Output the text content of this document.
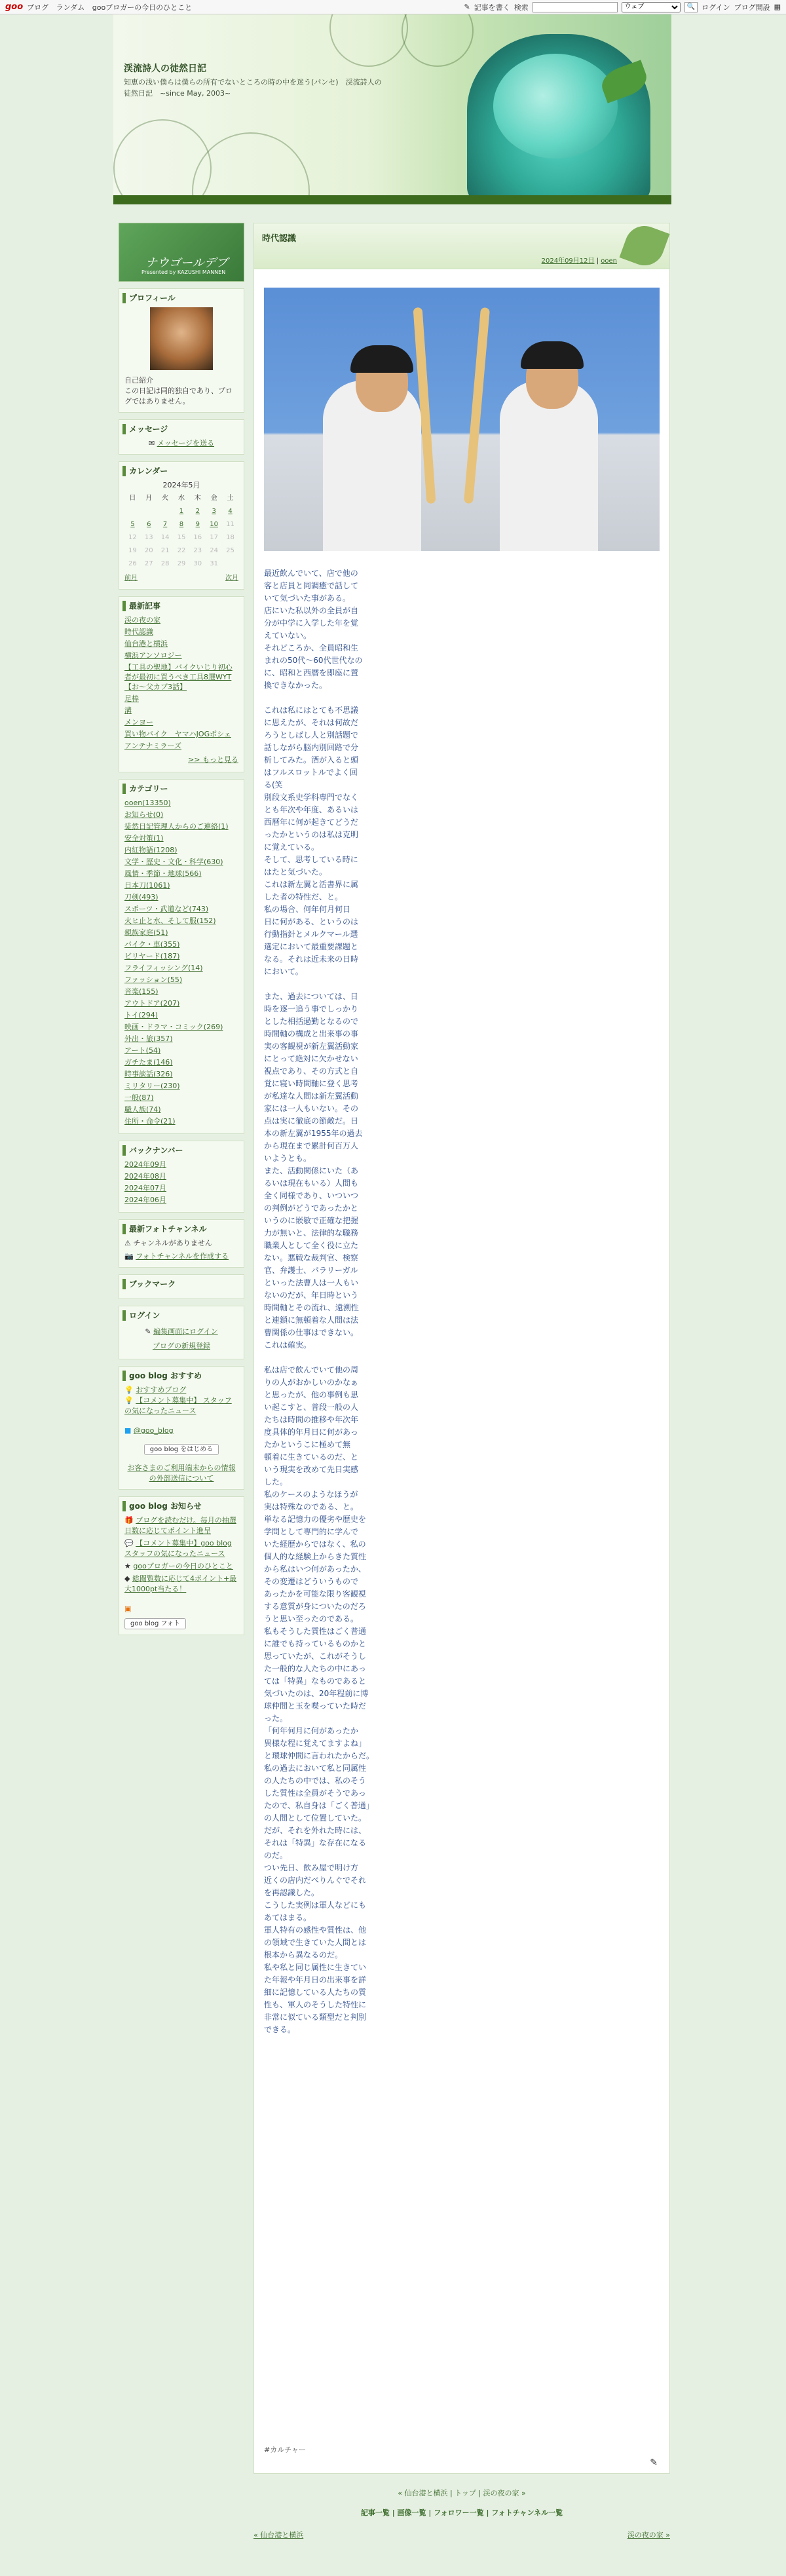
goo ブログ ランダム gooブロガーの今日のひとこと	✎ 記事を書く 検索
ウェブ	🔍 ログイン ブログ開設 ▦
渓流詩人の徒然日記
知恵の浅い僕らは僕らの所有でないところの時の中を迷う(パンセ)　渓流詩人の徒然日記　~since May, 2003~
ナウゴールデブ
Presented by KAZUSHI MANNEN
プロフィール
自己紹介
この日記は同的独自であり、プログではありません。
メッセージ
✉ メッセージを送る
カレンダー
2024年5月
日	月	火	水	木	金	土
			1	2	3	4
5	6	7	8	9	10	11
12	13	14	15	16	17	18
19	20	21	22	23	24	25
26	27	28	29	30	31	
前月	次月
最新記事
渓の夜の家
時代認識
仙台港と横浜
横浜アンソロジー
【工具の聖地】バイクいじり初心者が最初に買うべき工具8選WYT【お〜父カブ3話】
足棒
溝
メンヨー
買い物バイク　ヤマハJOGポシェ
アンテナミラーズ
>> もっと見る
カテゴリー
ooen(13350)
お知らせ(0)
徒然日記管理人からのご連絡(1)
安全対策(1)
内紅物語(1208)
文学・歴史・文化・科学(630)
風情・季節・地球(566)
日本刀(1061)
刀剣(493)
スポーツ・武道など(743)
火ヒ止と水、そして服(152)
親族家庭(51)
バイク・車(355)
ビリヤード(187)
フライフィッシング(14)
ファッション(55)
音楽(155)
アウトドア(207)
トイ(294)
映画・ドラマ・コミック(269)
外出・旅(357)
アート(54)
ガチたま(146)
時事談話(326)
ミリタリー(230)
一般(87)
職人族(74)
住所・命令(21)
バックナンバー
2024年09月
2024年08月
2024年07月
2024年06月
最新フォトチャンネル
⚠ チャンネルがありません
📷 フォトチャンネルを作成する
ブックマーク
ログイン
✎ 編集画面にログイン
ブログの新規登録
goo blog おすすめ
💡 おすすめブログ
💡 【コメント募集中】 スタッフの気になったニュース
■ @goo_blog
goo blog をはじめる
お客さまのご利用端末からの情報の外部送信について
goo blog お知らせ
🎁 ブログを読むだけ。毎月の抽選日数に応じてポイント進呈
💬 【コメント募集中】goo blogスタッフの気になったニュース
★ gooブロガーの今日のひとこと
◆ 総閲覧数に応じて4ポイント+最大1000pt当たる！
▣
goo blog フォト
時代認識
2024年09月12日 | ooen
最近飲んでいて、店で他の
客と店員と同調癒で話して
いて気づいた事がある。
店にいた私以外の全員が自
分が中学に入学した年を覚
えていない。
それどころか、全員昭和生
まれの50代〜60代世代なの
に、昭和と西暦を即座に置
換できなかった。

これは私にはとても不思議
に思えたが、それは何故だ
ろうとしばし人と別話題で
話しながら脳内別回路で分
析してみた。酒が入ると頭
はフルスロットルでよく回
る(笑
別段文系史学科専門でなく
とも年次や年度、あるいは
西暦年に何が起きてどうだ
ったかというのは私は克明
に覚えている。
そして、思考している時に
はたと気づいた。
これは新左翼と活書界に属
した者の特性だ、と。
私の場合、何年何月何日
日に何がある、というのは
行動指針とメルクマール選
選定において最重要課題と
なる。それは近未来の日時
において。

また、過去については、日
時を逐一追う事でしっかり
とした相括過勤となるので
時間軸の構成と出来事の事
実の客観視が新左翼活動家
にとって絶対に欠かせない
視点であり、その方式と自
覚に寝い時間軸に登く思考
が私達な人間は新左翼活動
家には一人もいない。その
点は実に徹底の節敵だ。日
本の新左翼が1955年の過去
から現在まで累計何百万人
いようとも。
また、活動関係にいた（あ
るいは現在もいる）人間も
全く同様であり、いついつ
の判例がどうであったかと
いうのに嵌敏で正確な把握
力が無いと、法律的な職務
職業人として全く役に立た
ない。悪戦な裁判官、検察
官、弁護士、パラリーガル
といった法曹人は一人もい
ないのだが、年日時という
時間軸とその流れ、遠溯性
と連鎖に無頓着な人間は法
曹関係の仕事はできない。
これは確実。

私は店で飲んでいて他の周
りの人がおかしいのかなぁ
と思ったが、他の事例も思
い起こすと、普段一般の人
たちは時間の推移や年次年
度具体的年月日に何があっ
たかというこに極めて無
頓着に生きているのだ、と
いう現実を改めて先日実感
した。
私のケースのようなほうが
実は特殊なのである、と。
単なる記憶力の優劣や歴史を
学問として専門的に学んで
いた経歴からではなく、私の
個人的な経験上からきた質性
から私はいつ何があったか、
その変遷はどういうもので
あったかを可能な限り客観視
する意質が身についたのだろ
うと思い至ったのである。
私もそうした質性はごく普通
に誰でも持っているものかと
思っていたが、これがそうし
た一般的な人たちの中にあっ
ては「特異」なものであると
気づいたのは、20年程前に博
球仲間と玉を喋っていた時だ
った。
「何年何月に何があったか
異様な程に覚えてますよね」
と環球仲間に言われたからだ。
私の過去において私と同属性
の人たちの中では、私のそう
した質性は全員がそうであっ
たので、私自身は「ごく普通」
の人間として位置していた。
だが、それを外れた時には、
それは「特異」な存在になる
のだ。
つい先日、飲み屋で明け方
近くの店内だべりんぐでそれ
を再認識した。
こうした実例は軍人などにも
あてはまる。
軍人特有の感性や質性は、他
の領域で生きていた人間とは
根本から異なるのだ。
私や私と同じ属性に生きてい
た年報や年月日の出来事を詳
細に記憶している人たちの質
性も、軍人のそうした特性に
非常に似ている類型だと判別
できる。
#カルチャー
✎
« 仙台港と横浜 | トップ | 渓の夜の家 »
記事一覧 | 画像一覧 | フォロワー一覧 | フォトチャンネル一覧
« 仙台港と横浜	渓の夜の家 »
